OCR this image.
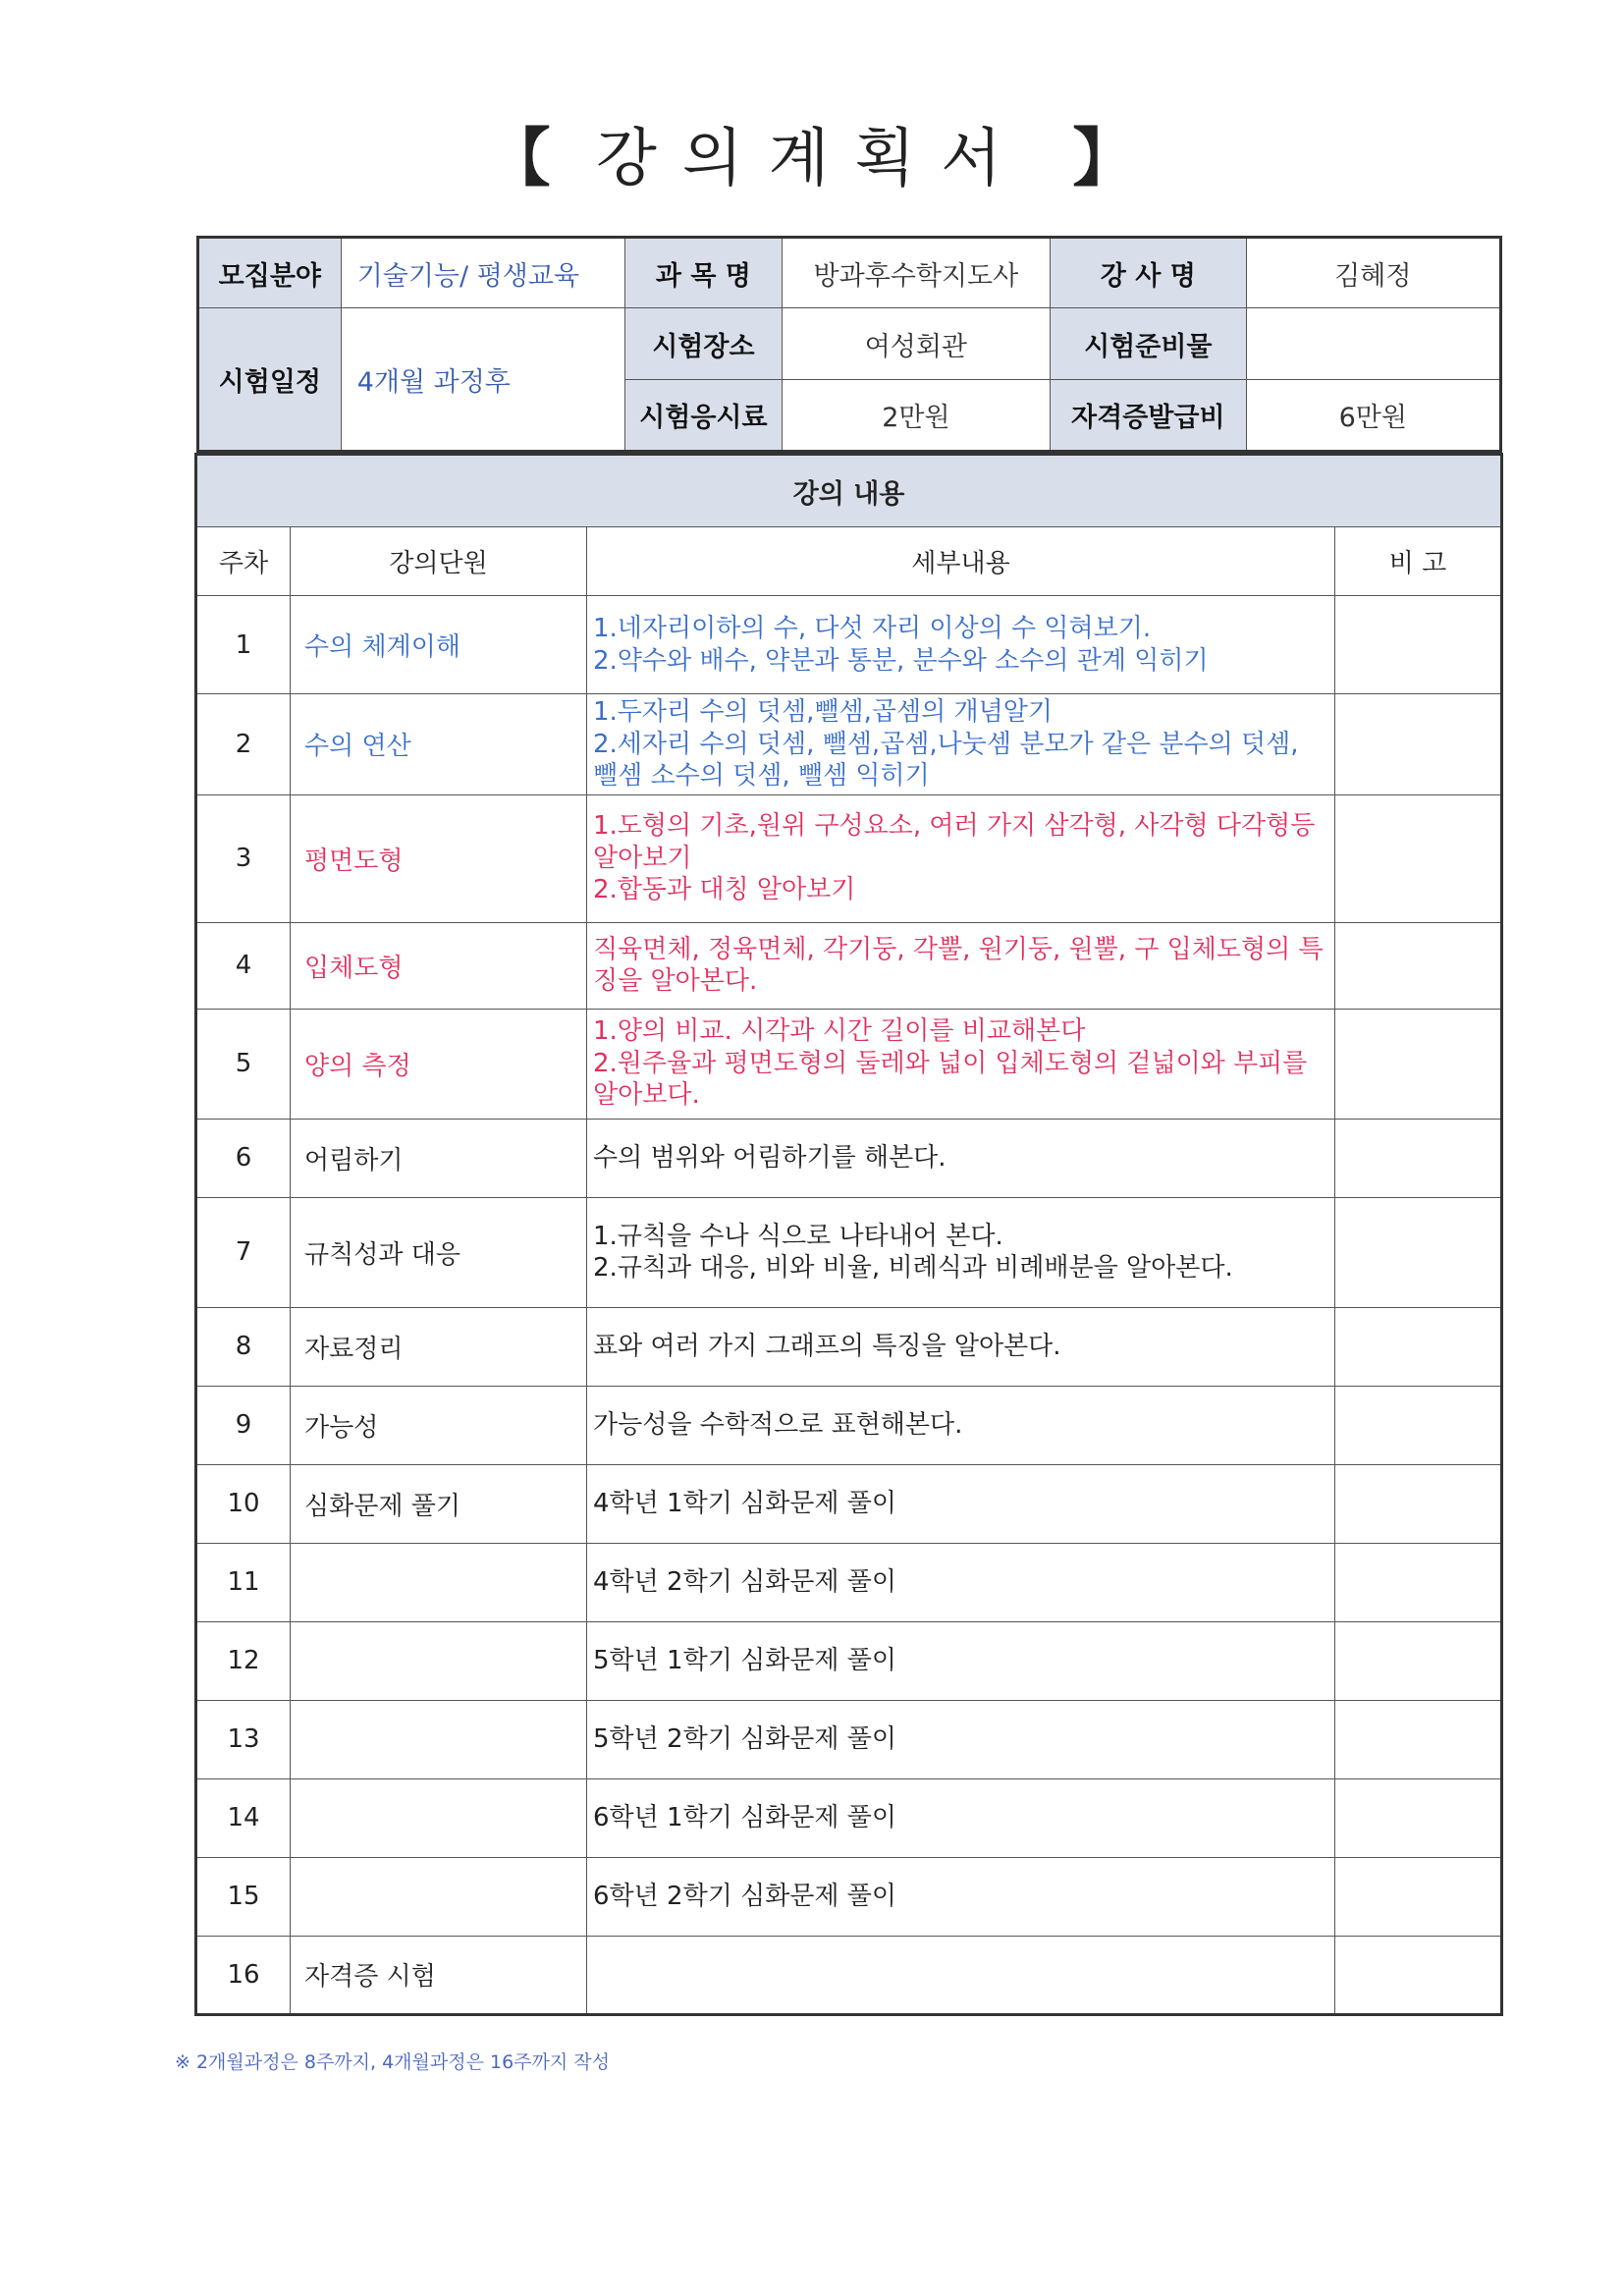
【 강의계획서 】
모집분야	기술기능/ 평생교육	과 목 명	방과후수학지도사	강 사 명	김혜정
시험일정	4개월 과정후	시험장소	여성회관	시험준비물	
		시험응시료	2만원	자격증발급비	6만원
강의 내용			
주차	강의단원	세부내용	비 고
1	수의 체계이해	1.네자리이하의 수, 다섯 자리 이상의 수 익혀보기.
2.약수와 배수, 약분과 통분, 분수와 소수의 관계 익히기	

2	수의 연산	1.두자리 수의 덧셈,뺄셈,곱셈의 개념알기
2.세자리 수의 덧셈, 뺄셈,곱셈,나눗셈 분모가 같은 분수의 덧셈, 뺄셈 소수의 덧셈, 뺄셈 익히기	

3	평면도형	1.도형의 기초,원위 구성요소, 여러 가지 삼각형, 사각형 다각형등 알아보기
2.합동과 대칭 알아보기	

4	입체도형	직육면체, 정육면체, 각기둥, 각뿔, 원기둥, 원뿔, 구 입체도형의 특징을 알아본다.	

5	양의 측정	1.양의 비교. 시각과 시간 길이를 비교해본다
2.원주율과 평면도형의 둘레와 넓이 입체도형의 겉넓이와 부피를 알아보다.	

6	어림하기	수의 범위와 어림하기를 해본다.	

7	규칙성과 대응	1.규칙을 수나 식으로 나타내어 본다.
2.규칙과 대응, 비와 비율, 비례식과 비례배분을 알아본다.	

8	자료정리	표와 여러 가지 그래프의 특징을 알아본다.	

9	가능성	가능성을 수학적으로 표현해본다.	

10	심화문제 풀기	4학년 1학기 심화문제 풀이	

11		4학년 2학기 심화문제 풀이	

12		5학년 1학기 심화문제 풀이	

13		5학년 2학기 심화문제 풀이	

14		6학년 1학기 심화문제 풀이	

15		6학년 2학기 심화문제 풀이	

16	자격증 시험	

※ 2개월과정은 8주까지, 4개월과정은 16주까지 작성
